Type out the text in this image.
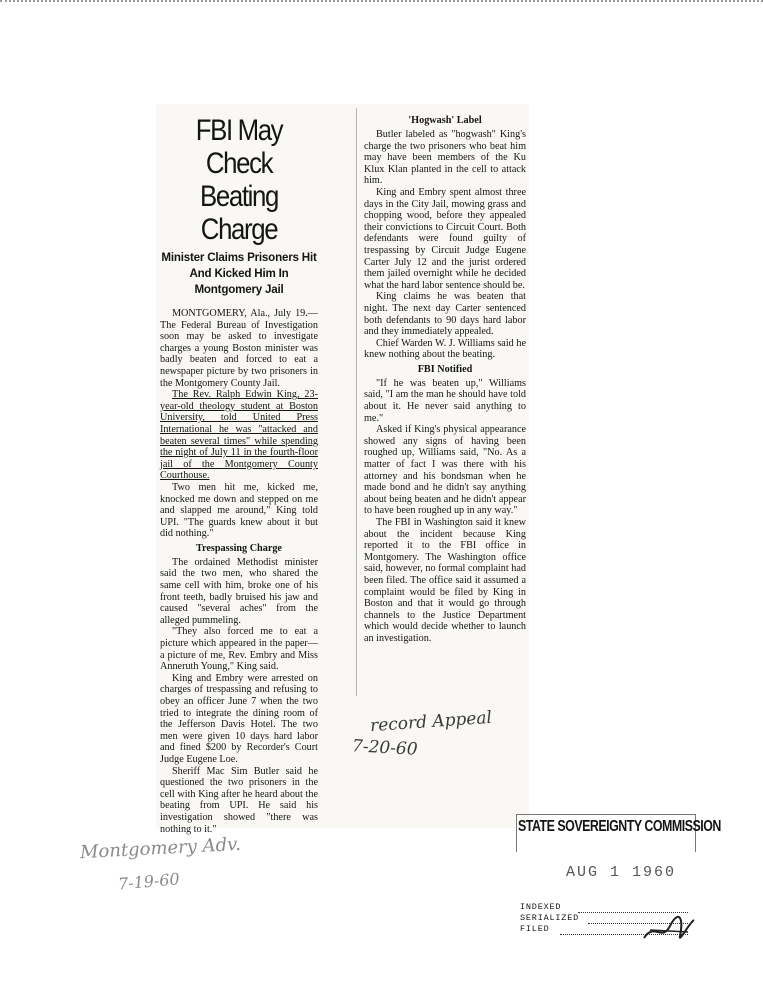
FBI May Check Beating Charge
Minister Claims Prisoners Hit And Kicked Him In Montgomery Jail

MONTGOMERY, Ala., July 19.—The Federal Bureau of Investigation soon may be asked to investigate charges a young Boston minister was badly beaten and forced to eat a newspaper picture by two prisoners in the Montgomery County Jail.

The Rev. Ralph Edwin King, 23-year-old theology student at Boston University, told United Press International he was "attacked and beaten several times" while spending the night of July 11 in the fourth-floor jail of the Montgomery County Courthouse.

Two men hit me, kicked me, knocked me down and stepped on me and slapped me around," King told UPI. "The guards knew about it but did nothing."

Trespassing Charge

The ordained Methodist minister said the two men, who shared the same cell with him, broke one of his front teeth, badly bruised his jaw and caused "several aches" from the alleged pummeling.

"They also forced me to eat a picture which appeared in the paper—a picture of me, Rev. Embry and Miss Anneruth Young," King said.

King and Embry were arrested on charges of trespassing and refusing to obey an officer June 7 when the two tried to integrate the dining room of the Jefferson Davis Hotel. The two men were given 10 days hard labor and fined $200 by Recorder's Court Judge Eugene Loe.

Sheriff Mac Sim Butler said he questioned the two prisoners in the cell with King after he heard about the beating from UPI. He said his investigation showed "there was nothing to it."

'Hogwash' Label

Butler labeled as "hogwash" King's charge the two prisoners who beat him may have been members of the Ku Klux Klan planted in the cell to attack him.

King and Embry spent almost three days in the City Jail, mowing grass and chopping wood, before they appealed their convictions to Circuit Court. Both defendants were found guilty of trespassing by Circuit Judge Eugene Carter July 12 and the jurist ordered them jailed overnight while he decided what the hard labor sentence should be.

King claims he was beaten that night. The next day Carter sentenced both defendants to 90 days hard labor and they immediately appealed.

Chief Warden W. J. Williams said he knew nothing about the beating.

FBI Notified

"If he was beaten up," Williams said, "I am the man he should have told about it. He never said anything to me."

Asked if King's physical appearance showed any signs of having been roughed up, Williams said, "No. As a matter of fact I was there with his attorney and his bondsman when he made bond and he didn't say anything about being beaten and he didn't appear to have been roughed up in any way."

The FBI in Washington said it knew about the incident because King reported it to the FBI office in Montgomery. The Washington office said, however, no formal complaint had been filed. The office said it assumed a complaint would be filed by King in Boston and that it would go through channels to the Justice Department which would decide whether to launch an investigation.

record Appeal
7-20-60
Montgomery Adv.
7-19-60
STATE SOVEREIGNTY COMMISSION
AUG 1 1960
INDEXED
SERIALIZED
FILED
